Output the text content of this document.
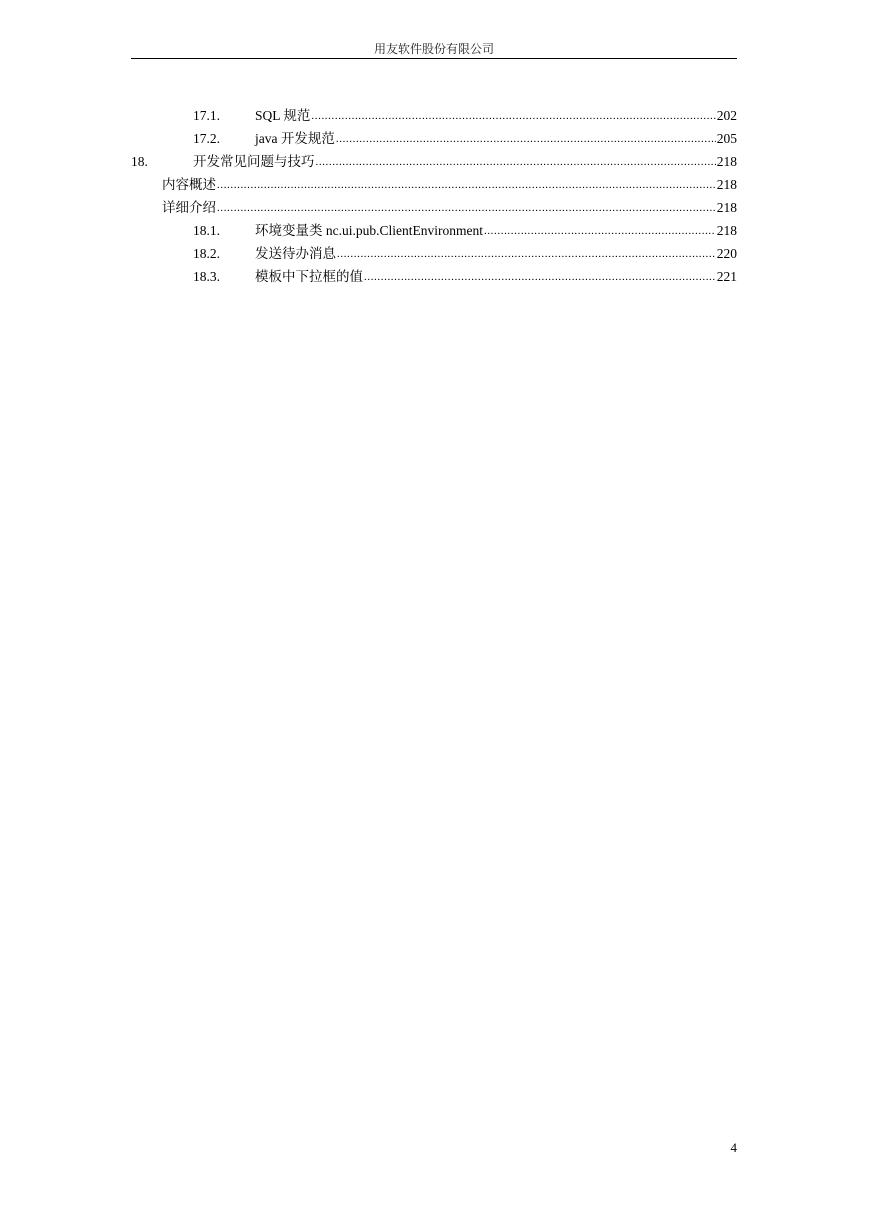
用友软件股份有限公司
17.1.	SQL 规范 .....	202
17.2.	java 开发规范 .....	205
18.	开发常见问题与技巧 .....	218
内容概述 .....	218
详细介绍 .....	218
18.1.	环境变量类 nc.ui.pub.ClientEnvironment .....	218
18.2.	发送待办消息 .....	220
18.3.	模板中下拉框的值 .....	221
4
